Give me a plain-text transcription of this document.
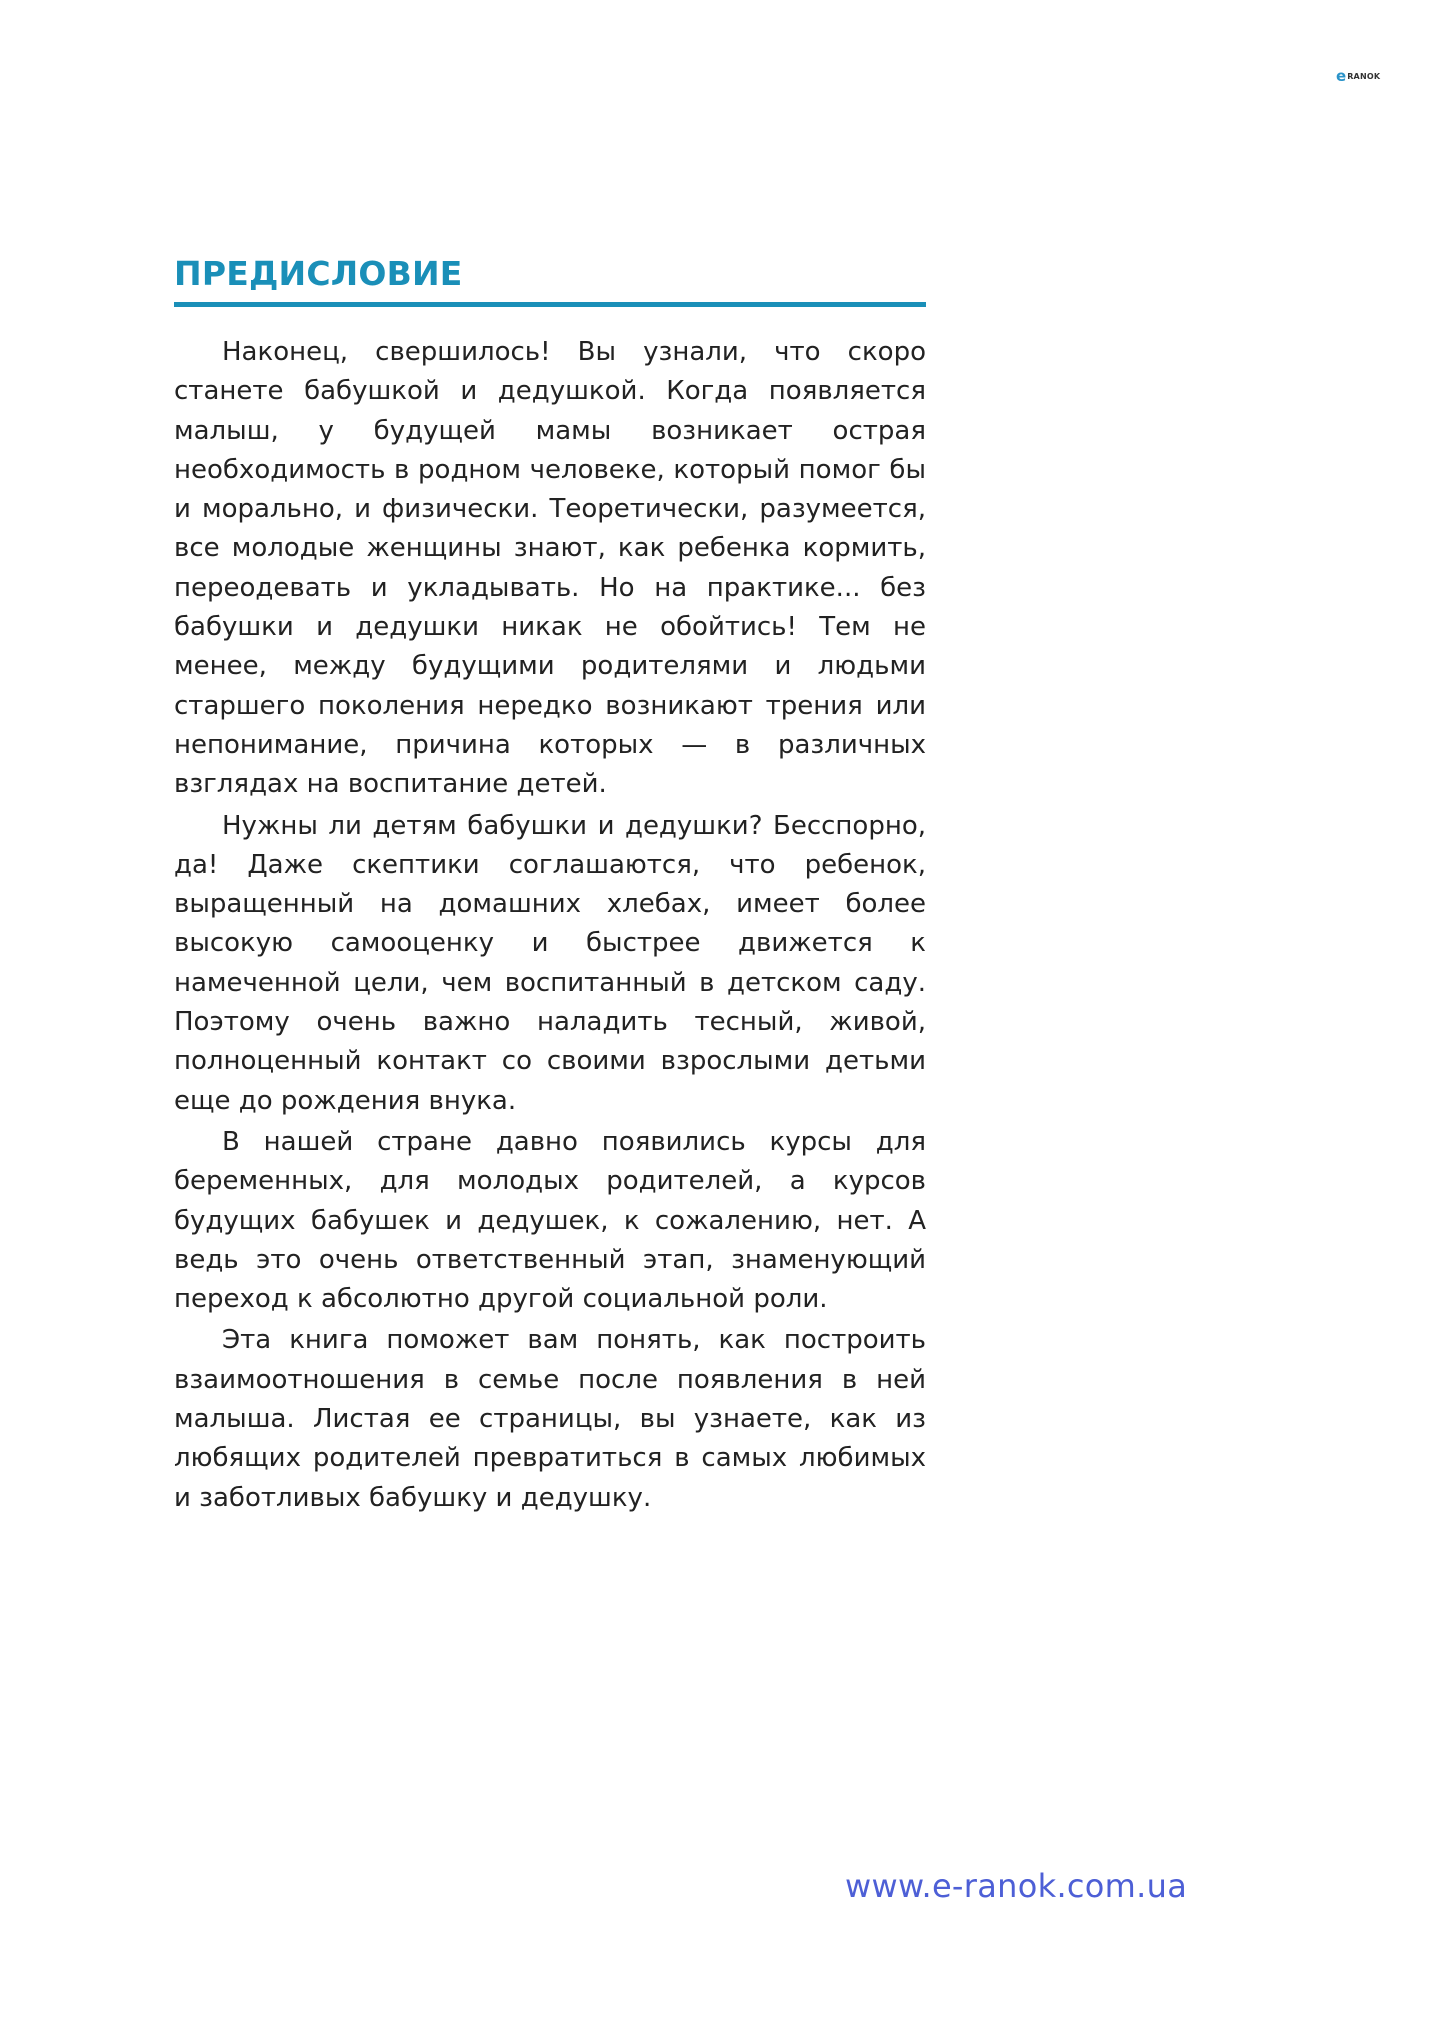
e RANOK
ПРЕДИСЛОВИЕ

Наконец, свершилось! Вы узнали, что скоро станете бабушкой и дедушкой. Когда появляется малыш, у будущей мамы возникает острая необходимость в родном человеке, который помог бы и морально, и физически. Теоретически, разумеется, все молодые женщины знают, как ребенка кормить, переодевать и укладывать. Но на практике... без бабушки и дедушки никак не обойтись! Тем не менее, между будущими родителями и людьми старшего поколения нередко возникают трения или непонимание, причина которых — в различных взглядах на воспитание детей.

Нужны ли детям бабушки и дедушки? Бесспорно, да! Даже скептики соглашаются, что ребенок, выращенный на домашних хлебах, имеет более высокую самооценку и быстрее движется к намеченной цели, чем воспитанный в детском саду. Поэтому очень важно наладить тесный, живой, полноценный контакт со своими взрослыми детьми еще до рождения внука.

В нашей стране давно появились курсы для беременных, для молодых родителей, а курсов будущих бабушек и дедушек, к сожалению, нет. А ведь это очень ответственный этап, знаменующий переход к абсолютно другой социальной роли.

Эта книга поможет вам понять, как построить взаимоотношения в семье после появления в ней малыша. Листая ее страницы, вы узнаете, как из любящих родителей превратиться в самых любимых и заботливых бабушку и дедушку.

www.e-ranok.com.ua
